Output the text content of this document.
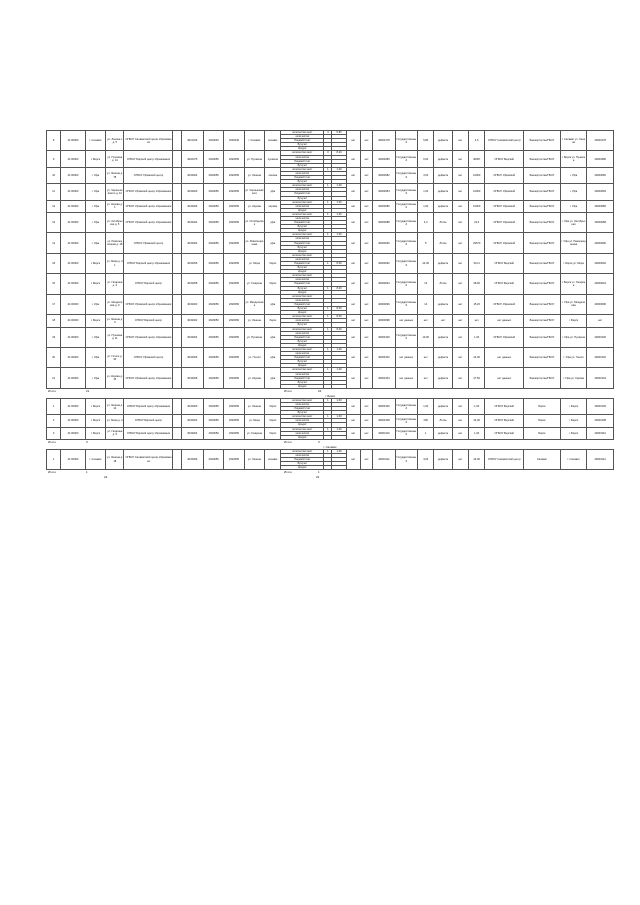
8	41:00000	г. Салават	ул. Ленина зд. 5	ОГБОУ Салаватский центр образования		4021016	2020040	2020040	г. Салават	салават	количество мест	4	5,80	нет	нет	40003178	Государственный	5,80	дефектн	нет	1,5	ОГБОУ Салаватский центр	Башкортостан/ГБОУ	г. Салават ул. Ленина	40003178
											количество														
											Лицевой счет														
											Бухучет														
											Кредит														
9	41:00000	г. Бирск	ул. Пушкина д. 14	ОГБОУ Бирский центр образования		4022075	2020050	2020050	ул. Пушкина	пушкина	количество мест	3	8,20	нет	нет	40003280	Государственный	6,00	дефектн	нет	40097	ОГБОУ Бирский	Башкортостан/ГБОУ	г. Бирск ул. Пушкина	40003280
											количество														
											Лицевой счет														
											Бухучет														
10	41:00000	г. Уфа	ул. Ленина д. 78	ОГБОУ Уфимский центр		4043464	2620050	2620050	ул. Ленина	ленина	количество мест	1	1,00	нет	нет	40003082	Государственный	3,00	дефектн	нет	16000	ОГБОУ Уфимский	Башкортостан/ГБОУ	г. Уфа	40003082
											количество														
											Лицевой счет														
											Бухучет														
11	41:00000	г. Уфа	ул. Чернышевского д. 12	ОГБОУ Уфимский центр образования		4043460	2620050	2620050	ул. Чернышевского	уфа	количество мест	1	1,00	нет	нет	40003084	Государственный	1,00	дефектн	нет	16000	ОГБОУ Уфимский	Башкортостан/ГБОУ	г. Уфа	40003084
											количество														
											Лицевой счет														
											Бухучет														
12	41:00000	г. Уфа	ул. Кирова д. 1	ОГБОУ Уфимский центр образования		4043466	2620050	2620050	ул. Кирова	кирова	количество мест	1	1,00	нет	нет	40003086	Государственный	1,00	дефектн	нет	16000	ОГБОУ Уфимский	Башкортостан/ГБОУ	г. Уфа	40003086
											количество														
											Кредит														
13	41:00000	г. Уфа	ул. Октябрьская д. 5	ОГБОУ Уфимский центр образования		4043462	2620050	2620050	ул. Октябрьская	уфа	количество мест	1	1,00	нет	нет	40003088	Государственный	4,0	Литое	нет	24,0	ОГБОУ Уфимский	Башкортостан/ГБОУ	г. Уфа ул. Октябрьская	40003088
											количество														
											Лицевой счет														
											Бухучет														
											Кредит														
14	41:00000	г. Уфа	ул. Революционная д. 18	ОГБОУ Уфимский центр		4043464	2620050	2620050	ул. Революционная	уфа	количество мест	1	1,00	нет	нет	40003090	Государственный	5	Литое	нет	23670	ОГБОУ Уфимский	Башкортостан/ГБОУ	г. Уфа ул. Революционная	40003090
											количество														
											Лицевой счет														
											Бухучет														
											Кредит														
15	41:00000	г. Бирск	ул. Мира д. 21	ОГБОУ Бирский центр образования		4043456	2620050	2620050	ул. Мира	бирск	количество мест			нет	нет	40003092	Государственный	24,00	дефектн	нет	30,11	ОГБОУ Бирский	Башкортостан/ГБОУ	г. Бирск ул. Мира	40003092
											количество														
											Лицевой счет	1	8,00												
											Бухучет														
											Кредит														
16	41:00000	г. Бирск	ул. Гагарина д. 3	ОГБОУ Бирский центр		4043458	2620050	2620050	ул. Гагарина	бирск	количество мест			нет	нет	40003094	Государственный	14	Литое	нет	28,92	ОГБОУ Бирский	Башкортостан/ГБОУ	г. Бирск ул. Гагарина	40003094
											количество														
											Лицевой счет														
											Бухучет	1	8,00												
											Кредит														
17	41:00000	г. Уфа	ул. Менделеева д. 9	ОГБОУ Уфимский центр образования		4043460	2620050	2620050	ул. Менделеева	уфа	количество мест			нет	нет	40003096	Государственный	14	дефектн	нет	15,20	ОГБОУ Уфимский	Башкортостан/ГБОУ	г. Уфа ул. Менделеева	40003096
											количество														
											Лицевой счет														
											Бухучет	1	8,00												
											Кредит														
18	41:00000	г. Бирск	ул. Ленина д. 9	ОГБОУ Бирский центр		4043462	2620050	2620050	ул. Ленина	бирск	количество мест	1	8,00	нет	нет	40003098	нет данных	нет	нет	нет	нет	нет данных	Башкортостан/ГБОУ	г. Бирск	нет
											количество														
											Бухучет														
19	41:00000	г. Уфа	ул. Пушкина д. 11	ОГБОУ Уфимский центр образования		4043464	2620050	2620050	ул. Пушкина	уфа	количество мест	1	8,00	нет	нет	40003100	Государственный	10,00	дефектн	нет	1,00	ОГБОУ Уфимский	Башкортостан/ГБОУ	г. Уфа ул. Пушкина	40003100
											количество														
											Лицевой счет														
											Бухучет														
											Кредит														
20	41:00000	г. Уфа	ул. Гоголя д. 30	ОГБОУ Уфимский центр		4043466	2620050	2620050	ул. Гоголя	уфа	количество мест	1	1,00	нет	нет	40003102	нет данных	нет	дефектн	нет	24,00	нет данных	Башкортостан/ГБОУ	г. Уфа ул. Гоголя	40003102
											количество														
											Лицевой счет														
											Бухучет														
											Кредит														
21	41:00000	г. Уфа	ул. Кирова д. 15	ОГБОУ Уфимский центр образования		4043468	2620050	2620050	ул. Кирова	уфа	количество мест	1	1,00	нет	нет	40003104	нет данных	нет	дефектн	нет	27,50	нет данных	Башкортостан/ГБОУ	г. Уфа ул. Кирова	40003104
											количество														
											Лицевой счет														
											Бухучет														
											Кредит														
Итого	21	Итого	22
г. Бирск
1	41:00000	г. Бирск	ул. Ленина д. 14	ОГБОУ Бирский центр образования		4043460	2620050	2620050	ул. Ленина	бирск	количество мест	1	1,00	нет	нет	40003106	Государственный	1,00	дефектн	нет	1,00	ОГБОУ Бирский	Бирск	г. Бирск	40003106
											количество														
											Лицевой счет														
											Бухучет														
2	41:00000	г. Бирск	ул. Мира д. 2	ОГБОУ Бирский центр		4043462	2620050	2620050	ул. Мира	бирск	количество мест	1	1,00	нет	нет	40003108	Государственный	200	Литое	нет	24,00	ОГБОУ Бирский	Бирск	г. Бирск	40003108
											количество														
											Кредит														
3	41:00000	г. Бирск	ул. Гагарина д. 5	ОГБОУ Бирский центр образования		4043464	2620050	2620050	ул. Гагарина	бирск	количество мест	1	1,00	нет	нет	40003110	Государственный	1	дефектн	нет	1,00	ОГБОУ Бирский	Бирск	г. Бирск	40003110
											количество														
											Кредит														
Итого	3	Итого	3
г. Салават
1	41:00000	г. Салават	ул. Ленина д. 18	ОГБОУ Салаватский центр образования		4043466	2620050	2620050	ул. Ленина	салават	количество мест	1	1,00	нет	нет	40003112	Государственный	4,00	дефектн	нет	24,00	ОГБОУ Салаватский центр	Салават	г. Салават	40003112
											количество														
											Лицевой счет														
											Бухучет														
											Кредит														
Итого	1	Итого	1
22	22
